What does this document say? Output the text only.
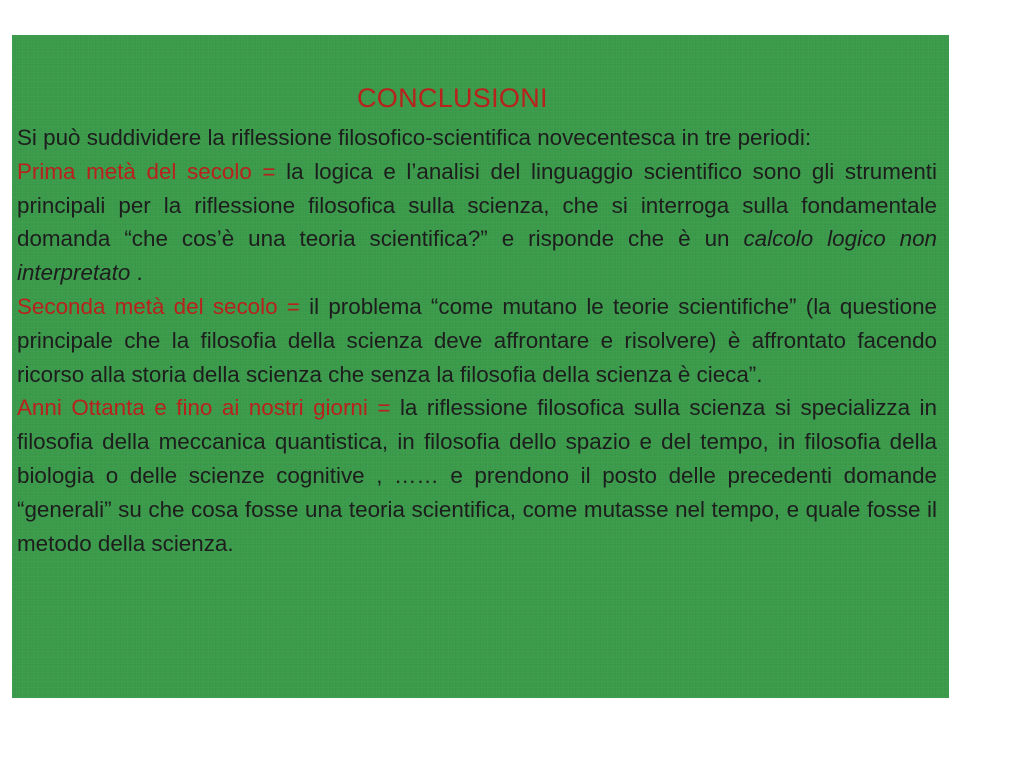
CONCLUSIONI

Si può suddividere la riflessione filosofico-scientifica novecentesca in tre periodi:

Prima metà del secolo = la logica e l’analisi del linguaggio scientifico sono gli strumenti principali per la riflessione filosofica sulla scienza, che si interroga sulla fondamentale domanda “che cos’è una teoria scientifica?” e risponde che è un calcolo logico non interpretato .

Seconda metà del secolo = il problema “come mutano le teorie scientifiche” (la questione principale che la filosofia della scienza deve affrontare e risolvere) è affrontato facendo ricorso alla storia della scienza che senza la filosofia della scienza è cieca”.

Anni Ottanta e fino ai nostri giorni = la riflessione filosofica sulla scienza si specializza in filosofia della meccanica quantistica, in filosofia dello spazio e del tempo, in filosofia della biologia o delle scienze cognitive , …… e prendono il posto delle precedenti domande “generali” su che cosa fosse una teoria scientifica, come mutasse nel tempo, e quale fosse il metodo della scienza.
